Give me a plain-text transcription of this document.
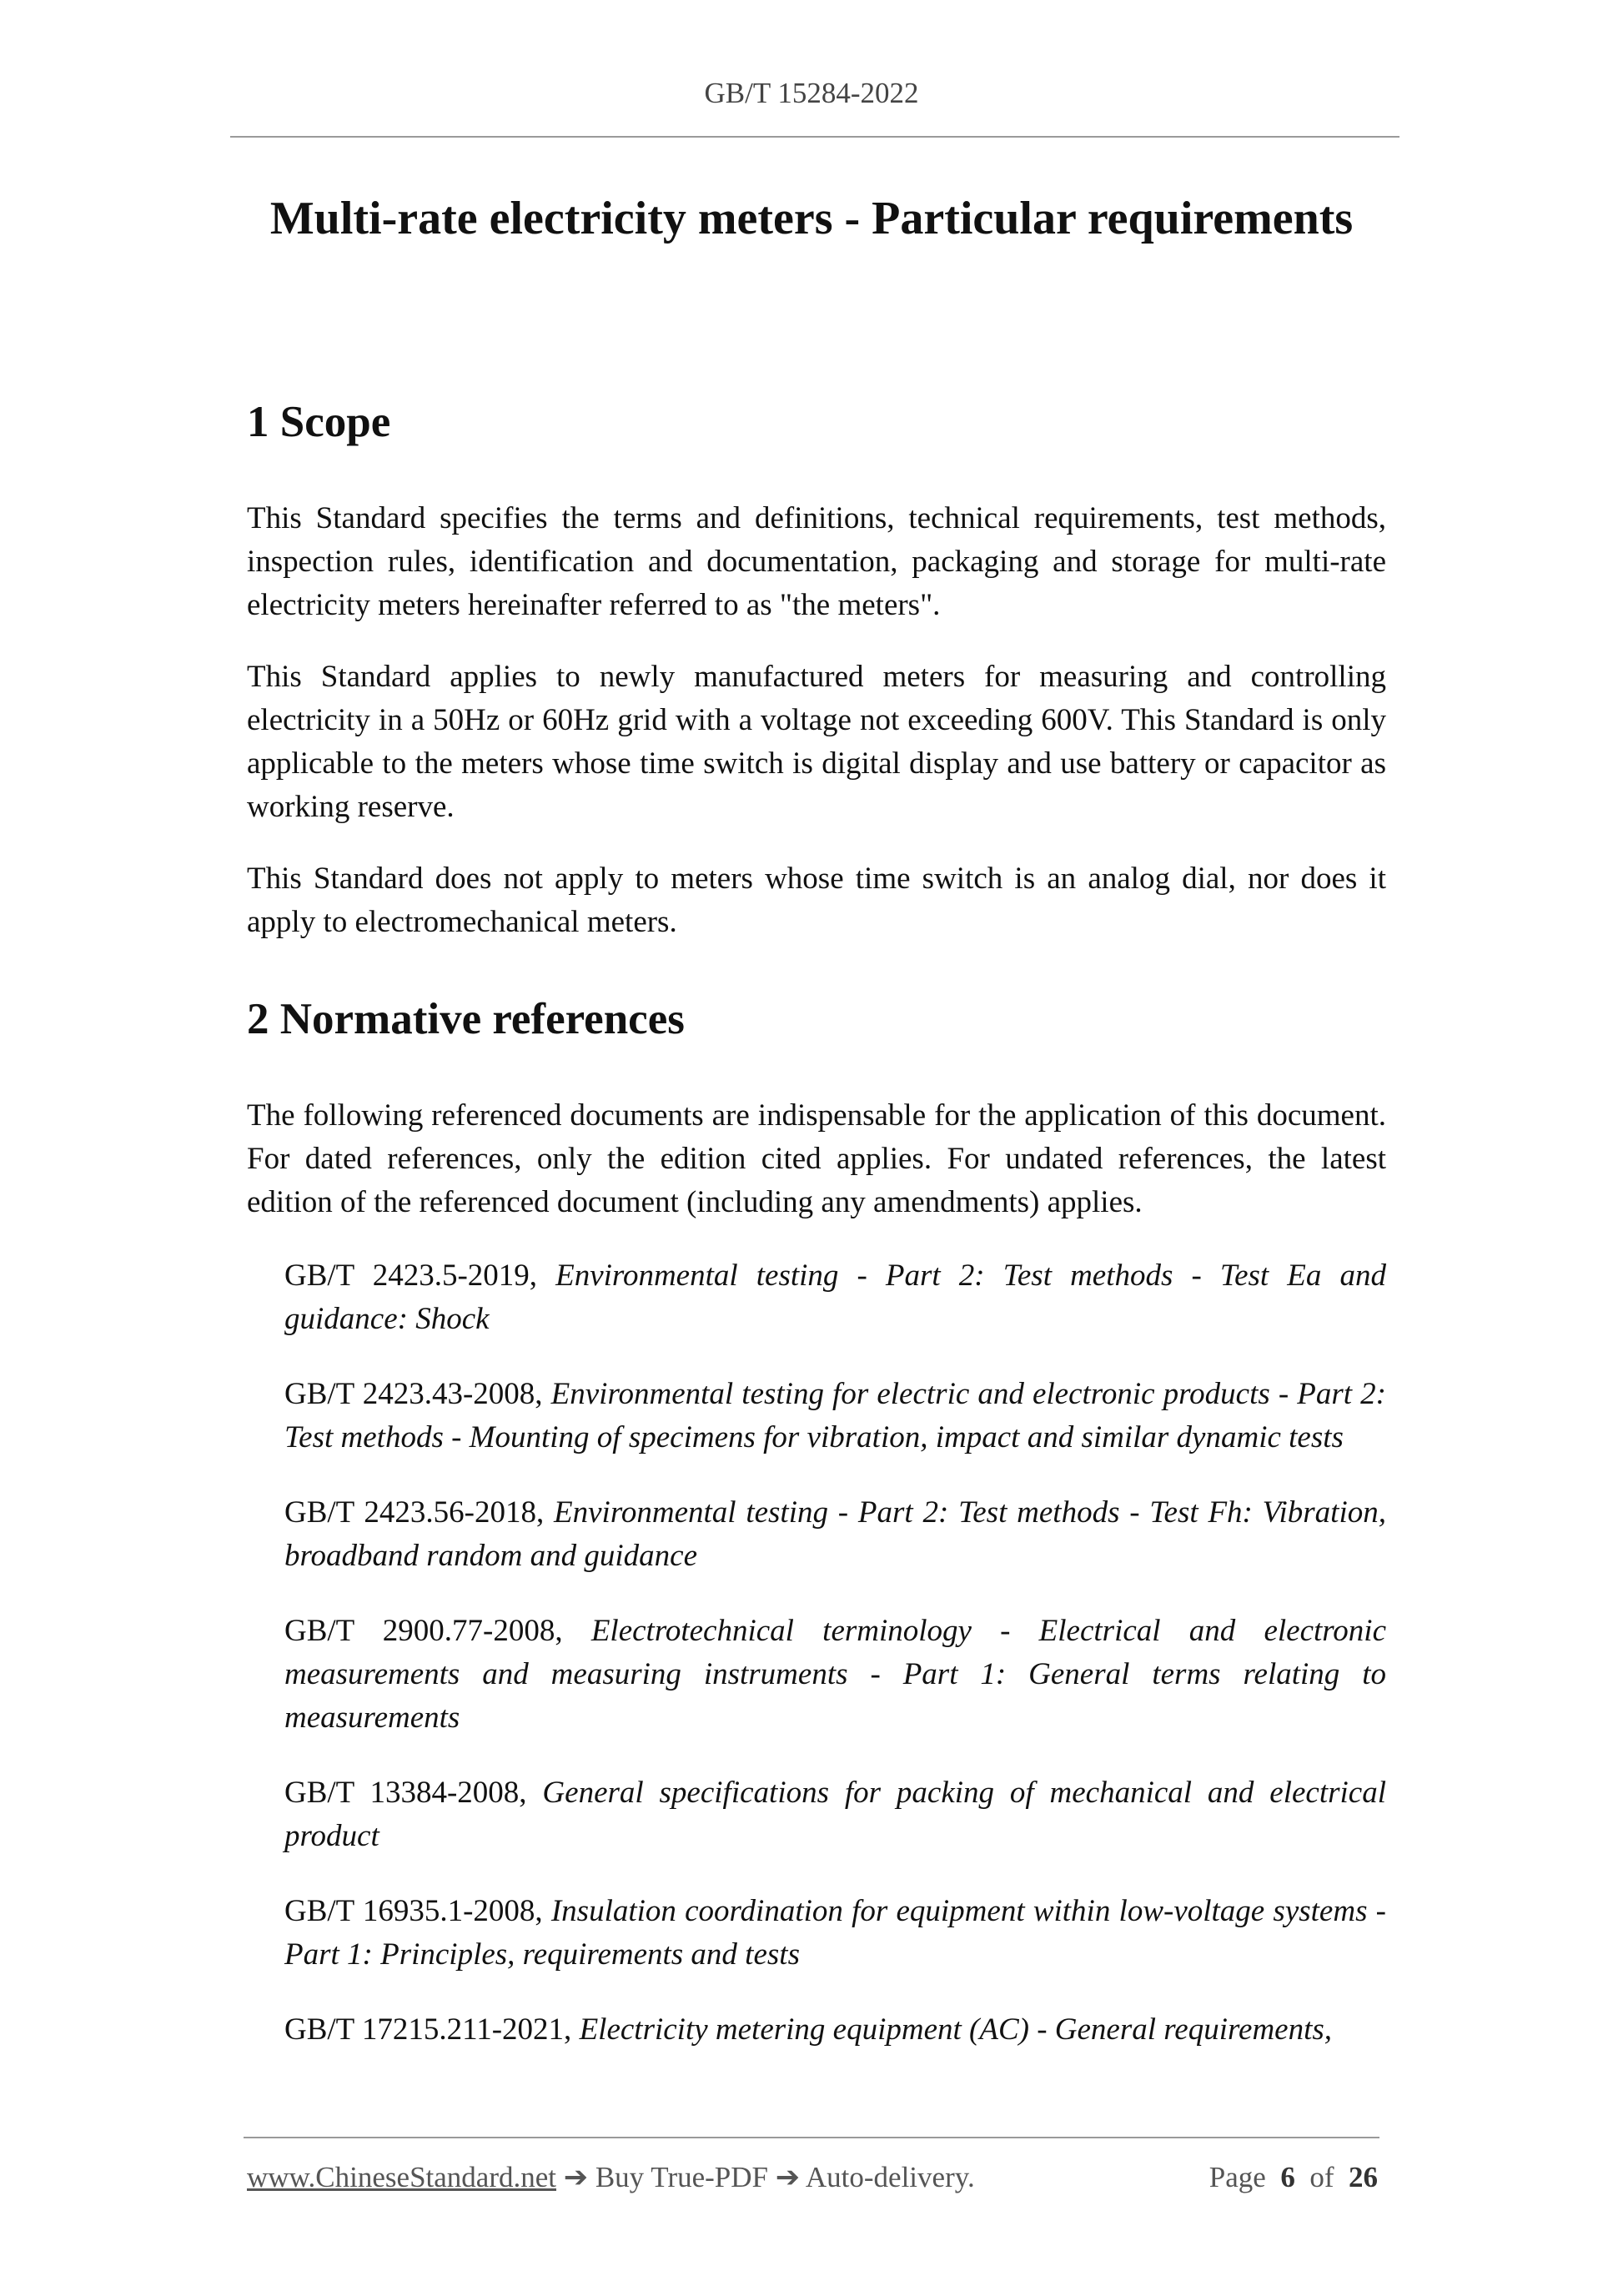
GB/T 15284-2022
Multi-rate electricity meters - Particular requirements
1 Scope

This Standard specifies the terms and definitions, technical requirements, test methods, inspection rules, identification and documentation, packaging and storage for multi-rate electricity meters hereinafter referred to as "the meters".

This Standard applies to newly manufactured meters for measuring and controlling electricity in a 50Hz or 60Hz grid with a voltage not exceeding 600V. This Standard is only applicable to the meters whose time switch is digital display and use battery or capacitor as working reserve.

This Standard does not apply to meters whose time switch is an analog dial, nor does it apply to electromechanical meters.

2 Normative references

The following referenced documents are indispensable for the application of this document. For dated references, only the edition cited applies. For undated references, the latest edition of the referenced document (including any amendments) applies.

GB/T 2423.5-2019, Environmental testing - Part 2: Test methods - Test Ea and guidance: Shock
GB/T 2423.43-2008, Environmental testing for electric and electronic products - Part 2: Test methods - Mounting of specimens for vibration, impact and similar dynamic tests
GB/T 2423.56-2018, Environmental testing - Part 2: Test methods - Test Fh: Vibration, broadband random and guidance
GB/T 2900.77-2008, Electrotechnical terminology - Electrical and electronic measurements and measuring instruments - Part 1: General terms relating to measurements
GB/T 13384-2008, General specifications for packing of mechanical and electrical product
GB/T 16935.1-2008, Insulation coordination for equipment within low-voltage systems - Part 1: Principles, requirements and tests
GB/T 17215.211-2021, Electricity metering equipment (AC) - General requirements,
www.ChineseStandard.net ➔ Buy True-PDF ➔ Auto-delivery.	Page 6 of 26
